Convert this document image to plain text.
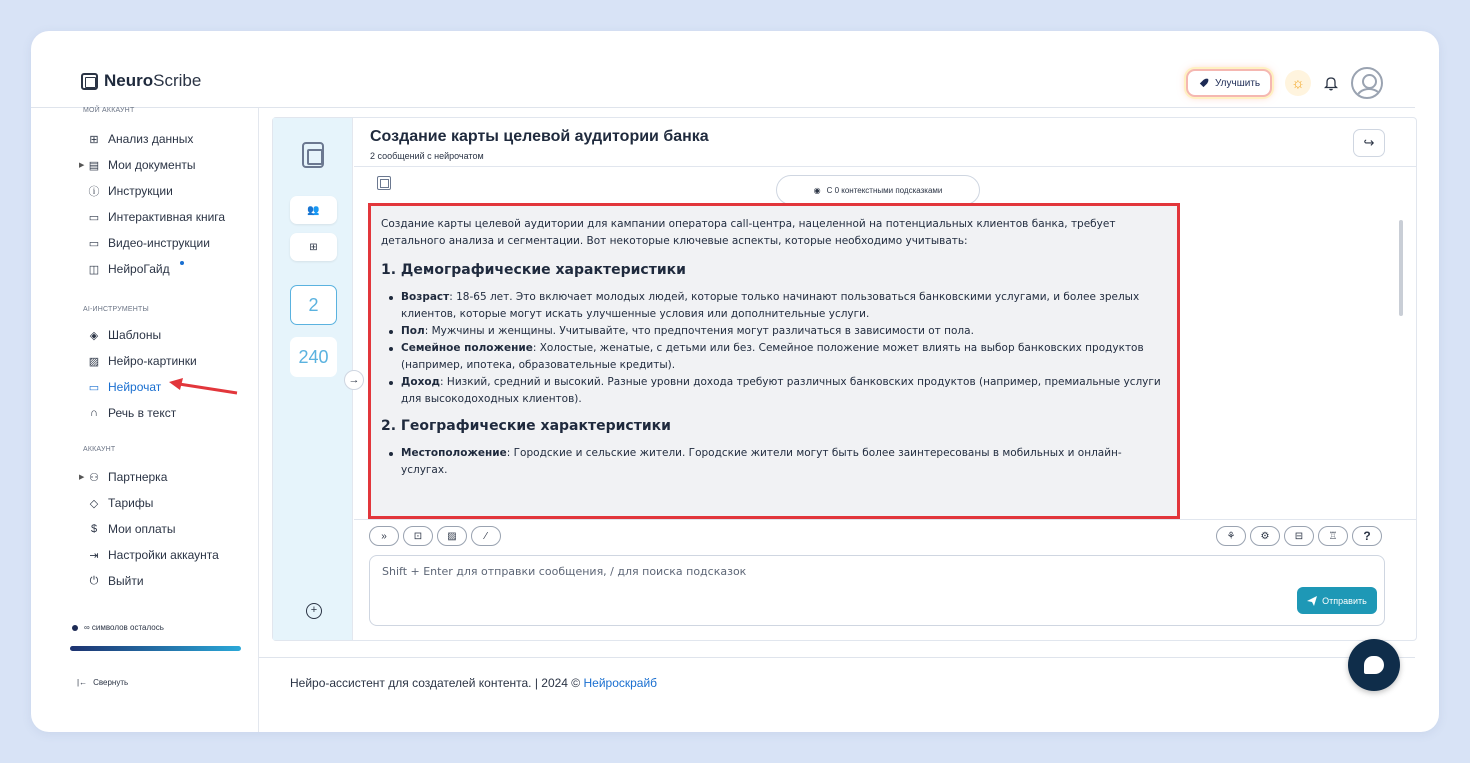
NeuroScribe	Улучшить ☼
МОЙ АККАУНТ
⊞ Анализ данных
▶ ▤ Мои документы
ⓘ Инструкции
▭ Интерактивная книга
▭ Видео-инструкции
◫ НейроГайд
AI-ИНСТРУМЕНТЫ
◈ Шаблоны
▨ Нейро-картинки
▭ Нейрочат
∩ Речь в текст
АККАУНТ
▶ ⚇ Партнерка
◇ Тарифы
$ Мои оплаты
⇥ Настройки аккаунта
⏻ Выйти
∞ символов осталось
|← Свернуть
👥
⊞
2
240
+
→
Создание карты целевой аудитории банка
2 сообщений с нейрочатом
↪
◉ С 0 контекстными подсказками

Создание карты целевой аудитории для кампании оператора call-центра, нацеленной на потенциальных клиентов банка, требует детального анализа и сегментации. Вот некоторые ключевые аспекты, которые необходимо учитывать:

1. Демографические характеристики
Возраст: 18-65 лет. Это включает молодых людей, которые только начинают пользоваться банковскими услугами, и более зрелых клиентов, которые могут искать улучшенные условия или дополнительные услуги.
Пол: Мужчины и женщины. Учитывайте, что предпочтения могут различаться в зависимости от пола.
Семейное положение: Холостые, женатые, с детьми или без. Семейное положение может влиять на выбор банковских продуктов (например, ипотека, образовательные кредиты).
Доход: Низкий, средний и высокий. Разные уровни дохода требуют различных банковских продуктов (например, премиальные услуги для высокодоходных клиентов).
2. Географические характеристики
Местоположение: Городские и сельские жители. Городские жители могут быть более заинтересованы в мобильных и онлайн-услугах.
»	⊡	▨	⁄	⚘	⚙	⊟	♖ ?
Shift + Enter для отправки сообщения, / для поиска подсказок
Отправить
Нейро-ассистент для создателей контента. | 2024 © Нейроскрайб
